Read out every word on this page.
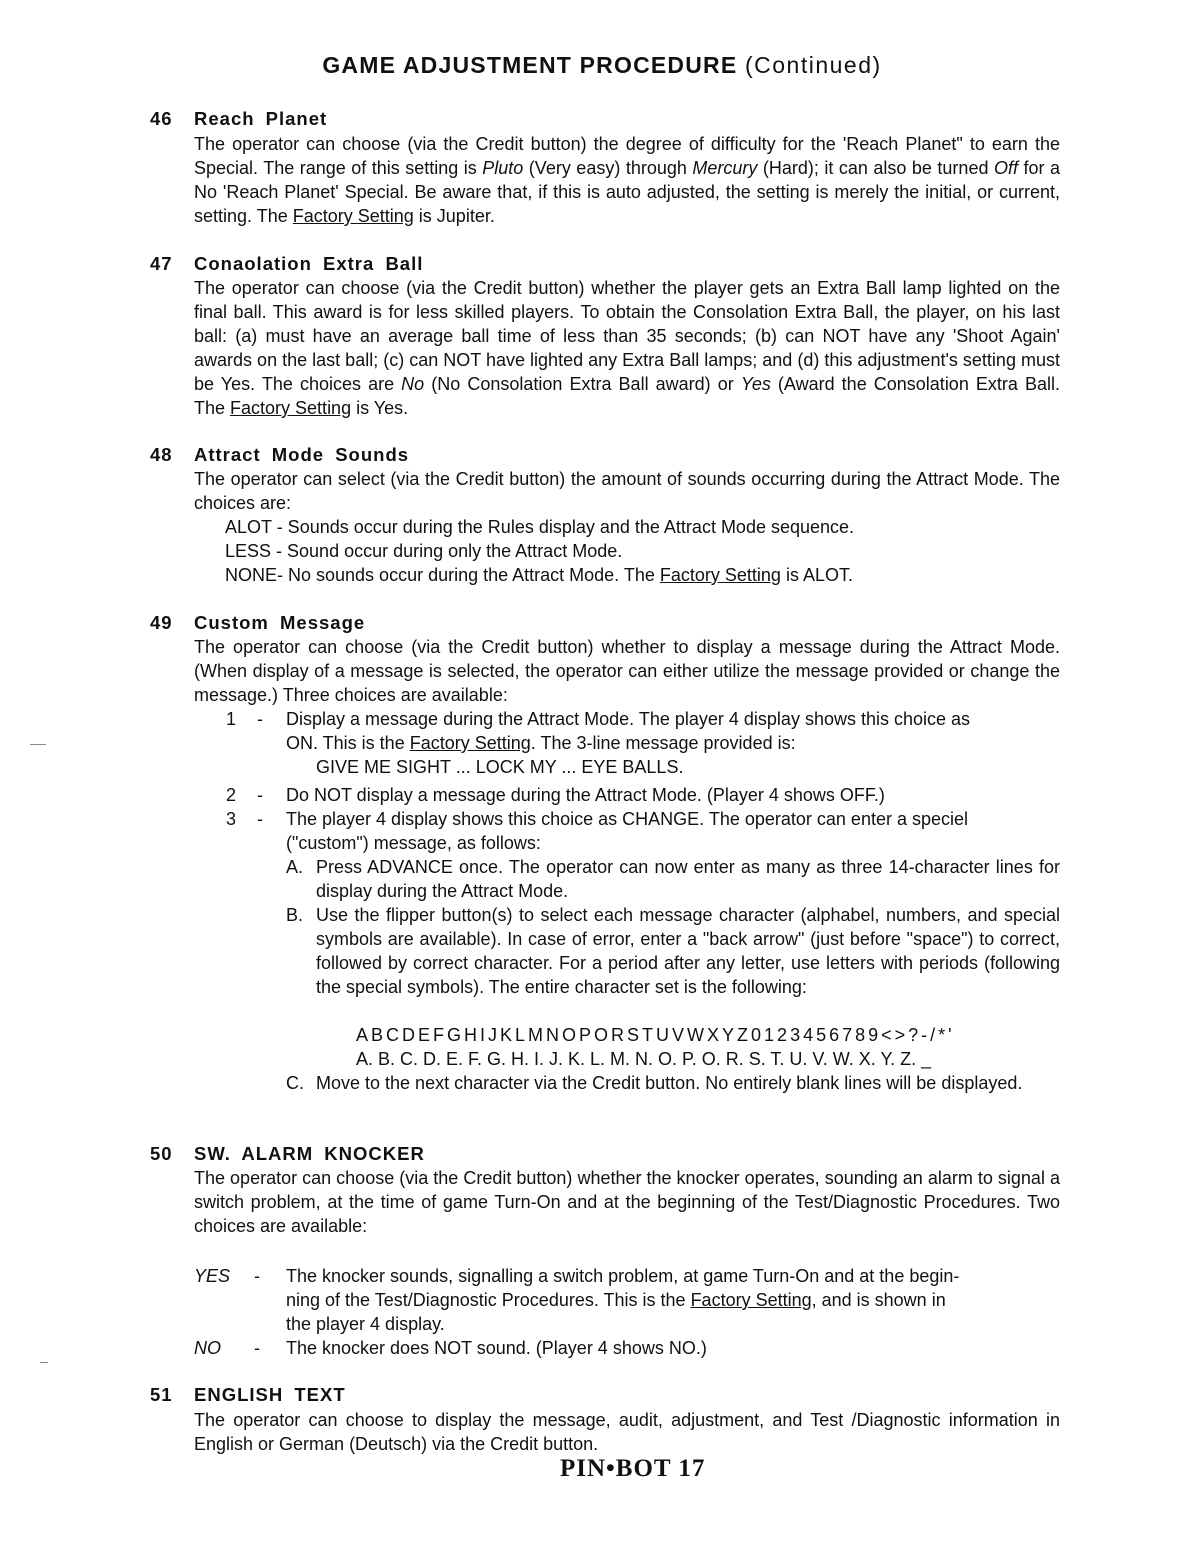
GAME ADJUSTMENT PROCEDURE (Continued)
46 Reach Planet

The operator can choose (via the Credit button) the degree of difficulty for the 'Reach Planet" to earn the Special. The range of this setting is Pluto (Very easy) through Mercury (Hard); it can also be turned Off for a No 'Reach Planet' Special. Be aware that, if this is auto adjusted, the setting is merely the initial, or current, setting. The Factory Setting is Jupiter.

47 Conaolation Extra Ball

The operator can choose (via the Credit button) whether the player gets an Extra Ball lamp lighted on the final ball. This award is for less skilled players. To obtain the Consolation Extra Ball, the player, on his last ball: (a) must have an average ball time of less than 35 seconds; (b) can NOT have any 'Shoot Again' awards on the last ball; (c) can NOT have lighted any Extra Ball lamps; and (d) this adjustment's setting must be Yes. The choices are No (No Consolation Extra Ball award) or Yes (Award the Consolation Extra Ball. The Factory Setting is Yes.

48 Attract Mode Sounds

The operator can select (via the Credit button) the amount of sounds occurring during the Attract Mode. The choices are:

ALOT - Sounds occur during the Rules display and the Attract Mode sequence.

LESS - Sound occur during only the Attract Mode.

NONE- No sounds occur during the Attract Mode. The Factory Setting is ALOT.

49 Custom Message

The operator can choose (via the Credit button) whether to display a message during the Attract Mode. (When display of a message is selected, the operator can either utilize the message provided or change the message.) Three choices are available:

1 - Display a message during the Attract Mode. The player 4 display shows this choice as

ON. This is the Factory Setting. The 3-line message provided is:

GIVE ME SIGHT ... LOCK MY ... EYE BALLS.

2 - Do NOT display a message during the Attract Mode. (Player 4 shows OFF.)

3 - The player 4 display shows this choice as CHANGE. The operator can enter a speciel

("custom") message, as follows:

A. Press ADVANCE once. The operator can now enter as many as three 14-character lines for display during the Attract Mode.

B. Use the flipper button(s) to select each message character (alphabel, numbers, and special symbols are available). In case of error, enter a "back arrow" (just before "space") to correct, followed by correct character. For a period after any letter, use letters with periods (following the special symbols). The entire character set is the following:

ABCDEFGHIJKLMNOPORSTUVWXYZ0123456789<>?-/*'

A. B. C. D. E. F. G. H. I. J. K. L. M. N. O. P. O. R. S. T. U. V. W. X. Y. Z. _

C. Move to the next character via the Credit button. No entirely blank lines will be displayed.

50 SW. ALARM KNOCKER

The operator can choose (via the Credit button) whether the knocker operates, sounding an alarm to signal a switch problem, at the time of game Turn-On and at the beginning of the Test/Diagnostic Procedures. Two choices are available:

YES - The knocker sounds, signalling a switch problem, at game Turn-On and at the begin-

ning of the Test/Diagnostic Procedures. This is the Factory Setting, and is shown in

the player 4 display.

NO - The knocker does NOT sound. (Player 4 shows NO.)

51 ENGLISH TEXT

The operator can choose to display the message, audit, adjustment, and Test /Diagnostic information in English or German (Deutsch) via the Credit button.

PIN•BOT 17
